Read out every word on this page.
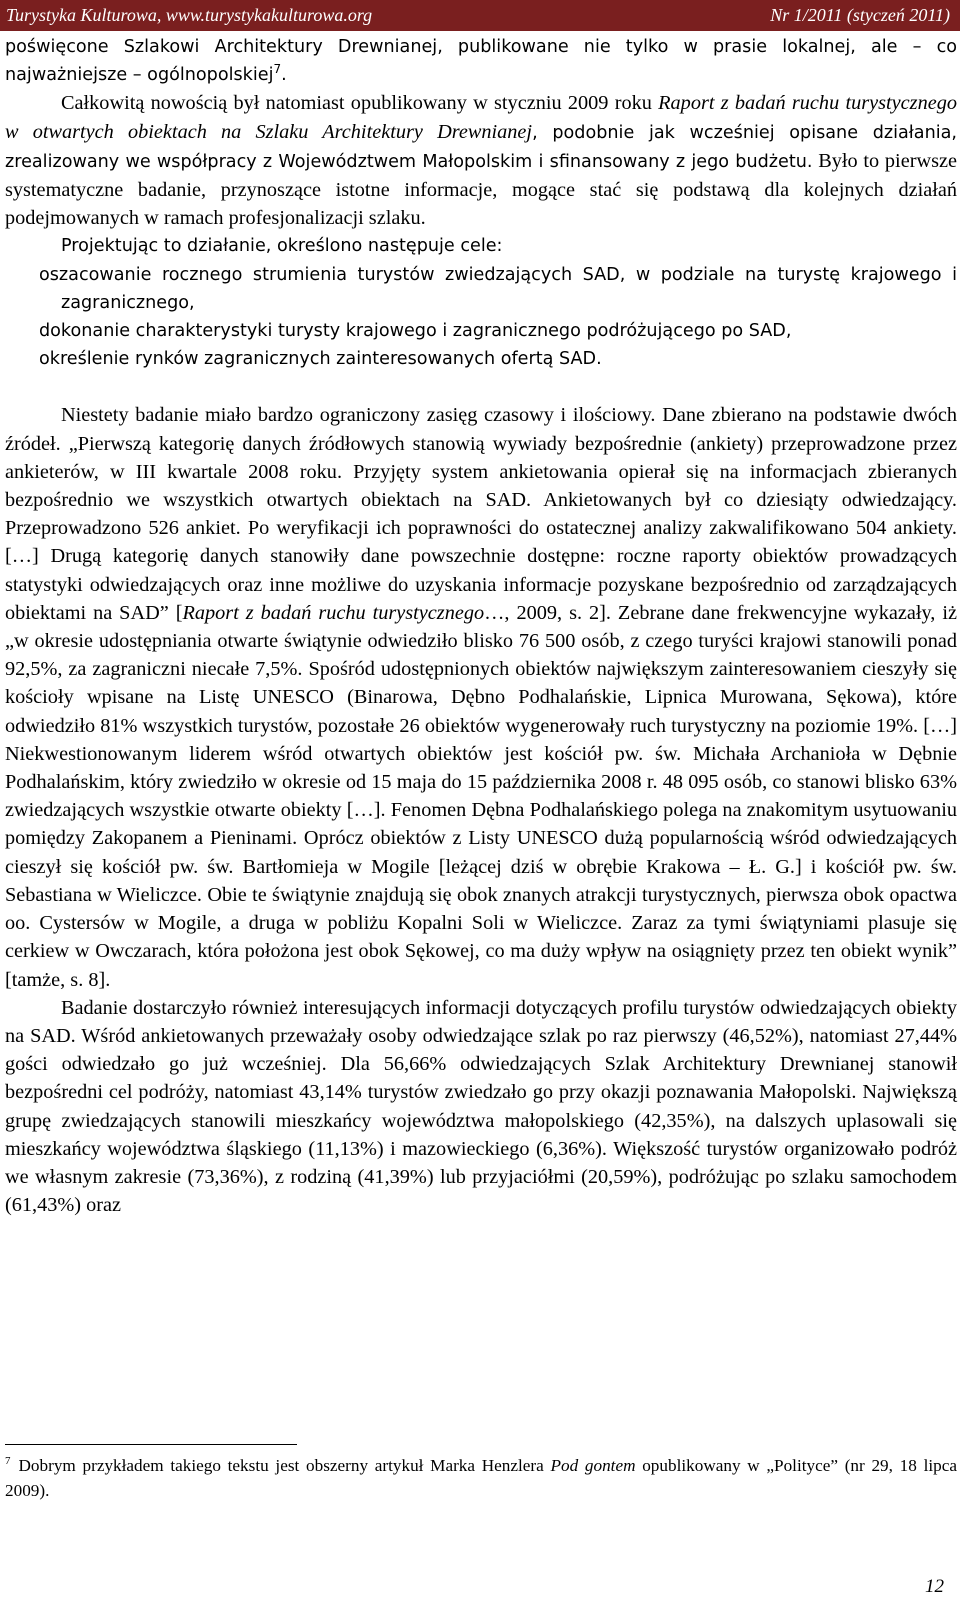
Turystyka Kulturowa, www.turystykakulturowa.org	Nr 1/2011 (styczeń 2011)

poświęcone Szlakowi Architektury Drewnianej, publikowane nie tylko w prasie lokalnej, ale – co najważniejsze – ogólnopolskiej$^7$.

Całkowitą nowością był natomiast opublikowany w styczniu 2009 roku Raport z badań ruchu turystycznego w otwartych obiektach na Szlaku Architektury Drewnianej, podobnie jak wcześniej opisane działania, zrealizowany we współpracy z Województwem Małopolskim i sfinansowany z jego budżetu. Było to pierwsze systematyczne badanie, przynoszące istotne informacje, mogące stać się podstawą dla kolejnych działań podejmowanych w ramach profesjonalizacji szlaku.

Projektując to działanie, określono następuje cele:

oszacowanie rocznego strumienia turystów zwiedzających SAD, w podziale na turystę krajowego i zagranicznego,

dokonanie charakterystyki turysty krajowego i zagranicznego podróżującego po SAD,

określenie rynków zagranicznych zainteresowanych ofertą SAD.

Niestety badanie miało bardzo ograniczony zasięg czasowy i ilościowy. Dane zbierano na podstawie dwóch źródeł. „Pierwszą kategorię danych źródłowych stanowią wywiady bezpośrednie (ankiety) przeprowadzone przez ankieterów, w III kwartale 2008 roku. Przyjęty system ankietowania opierał się na informacjach zbieranych bezpośrednio we wszystkich otwartych obiektach na SAD. Ankietowanych był co dziesiąty odwiedzający. Przeprowadzono 526 ankiet. Po weryfikacji ich poprawności do ostatecznej analizy zakwalifikowano 504 ankiety. […] Drugą kategorię danych stanowiły dane powszechnie dostępne: roczne raporty obiektów prowadzących statystyki odwiedzających oraz inne możliwe do uzyskania informacje pozyskane bezpośrednio od zarządzających obiektami na SAD” [Raport z badań ruchu turystycznego…, 2009, s. 2]. Zebrane dane frekwencyjne wykazały, iż „w okresie udostępniania otwarte świątynie odwiedziło blisko 76 500 osób, z czego turyści krajowi stanowili ponad 92,5%, za zagraniczni niecałe 7,5%. Spośród udostępnionych obiektów największym zainteresowaniem cieszyły się kościoły wpisane na Listę UNESCO (Binarowa, Dębno Podhalańskie, Lipnica Murowana, Sękowa), które odwiedziło 81% wszystkich turystów, pozostałe 26 obiektów wygenerowały ruch turystyczny na poziomie 19%. […] Niekwestionowanym liderem wśród otwartych obiektów jest kościół pw. św. Michała Archanioła w Dębnie Podhalańskim, który zwiedziło w okresie od 15 maja do 15 października 2008 r. 48 095 osób, co stanowi blisko 63% zwiedzających wszystkie otwarte obiekty […]. Fenomen Dębna Podhalańskiego polega na znakomitym usytuowaniu pomiędzy Zakopanem a Pieninami. Oprócz obiektów z Listy UNESCO dużą popularnością wśród odwiedzających cieszył się kościół pw. św. Bartłomieja w Mogile [leżącej dziś w obrębie Krakowa – Ł. G.] i kościół pw. św. Sebastiana w Wieliczce. Obie te świątynie znajdują się obok znanych atrakcji turystycznych, pierwsza obok opactwa oo. Cystersów w Mogile, a druga w pobliżu Kopalni Soli w Wieliczce. Zaraz za tymi świątyniami plasuje się cerkiew w Owczarach, która położona jest obok Sękowej, co ma duży wpływ na osiągnięty przez ten obiekt wynik” [tamże, s. 8].

Badanie dostarczyło również interesujących informacji dotyczących profilu turystów odwiedzających obiekty na SAD. Wśród ankietowanych przeważały osoby odwiedzające szlak po raz pierwszy (46,52%), natomiast 27,44% gości odwiedzało go już wcześniej. Dla 56,66% odwiedzających Szlak Architektury Drewnianej stanowił bezpośredni cel podróży, natomiast 43,14% turystów zwiedzało go przy okazji poznawania Małopolski. Największą grupę zwiedzających stanowili mieszkańcy województwa małopolskiego (42,35%), na dalszych uplasowali się mieszkańcy województwa śląskiego (11,13%) i mazowieckiego (6,36%). Większość turystów organizowało podróż we własnym zakresie (73,36%), z rodziną (41,39%) lub przyjaciółmi (20,59%), podróżując po szlaku samochodem (61,43%) oraz

$^7$ Dobrym przykładem takiego tekstu jest obszerny artykuł Marka Henzlera Pod gontem opublikowany w „Polityce” (nr 29, 18 lipca 2009).
12
